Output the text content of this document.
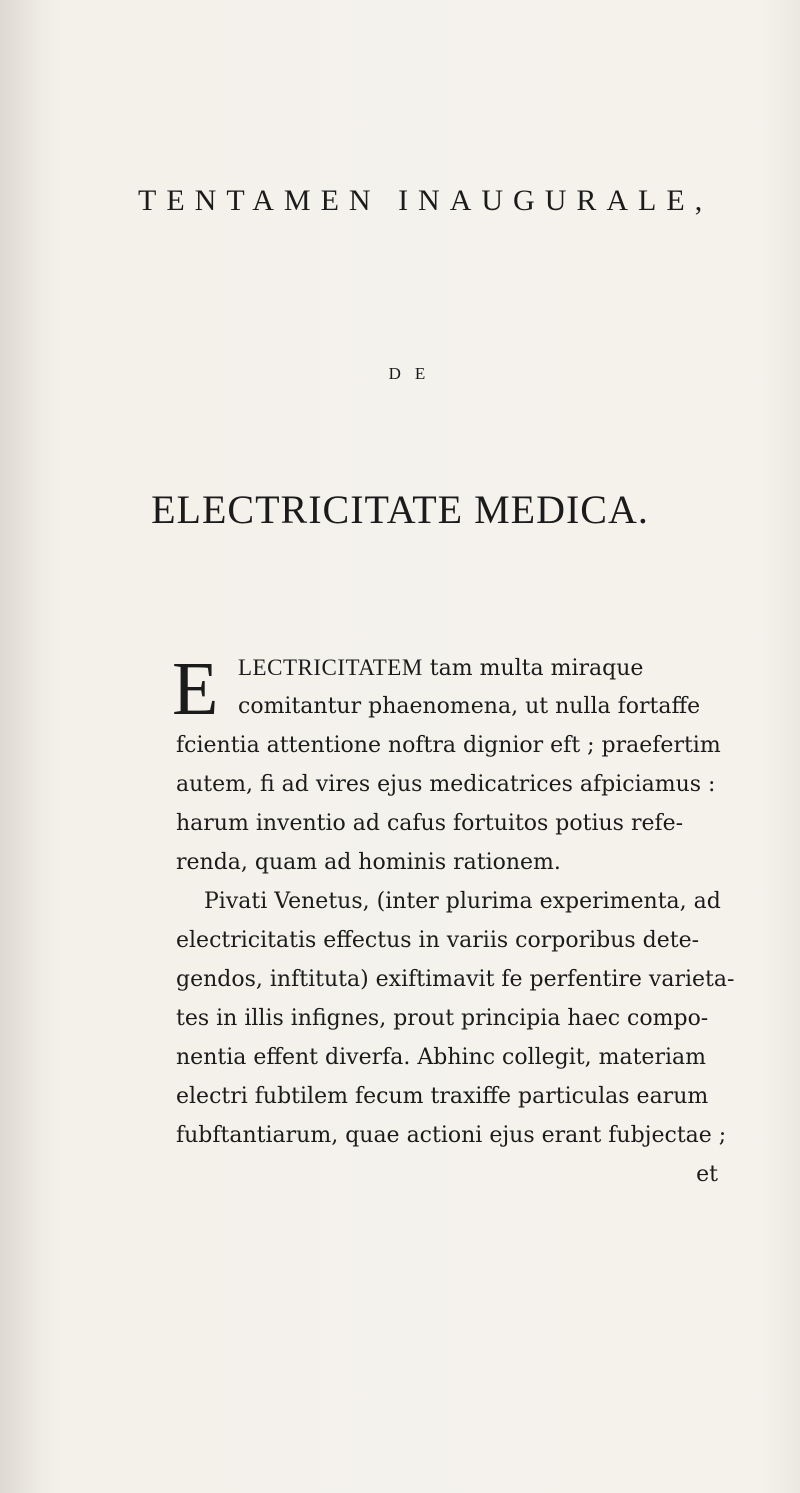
TENTAMEN INAUGURALE,
DE
ELECTRICITATE MEDICA.
E LECTRICITATEM tam multa miraque
comitantur phaenomena, ut nulla fortaffe
fcientia attentione noftra dignior eft ; praefertim
autem, fi ad vires ejus medicatrices afpiciamus :
harum inventio ad cafus fortuitos potius refe-
renda, quam ad hominis rationem.
Pivati Venetus, (inter plurima experimenta, ad
electricitatis effectus in variis corporibus dete-
gendos, inftituta) exiftimavit fe perfentire varieta-
tes in illis infignes, prout principia haec compo-
nentia effent diverfa. Abhinc collegit, materiam
electri fubtilem fecum traxiffe particulas earum
fubftantiarum, quae actioni ejus erant fubjectae ;
et
